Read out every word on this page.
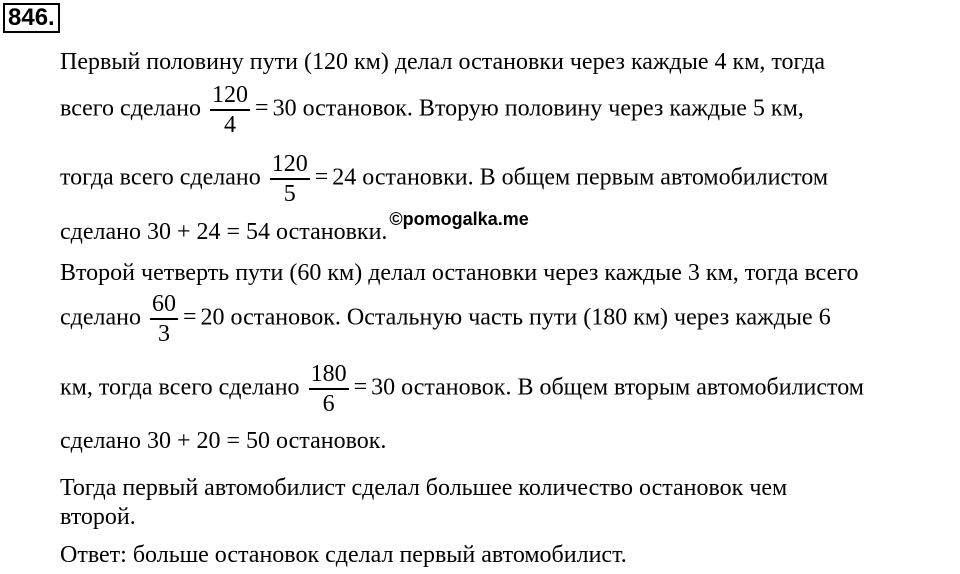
846.
Первый половину пути (120 км) делал остановки через каждые 4 км, тогда
всего сделано $\frac{120}{4} = 30$ остановок. Вторую половину через каждые 5 км,
тогда всего сделано $\frac{120}{5} = 24$ остановки. В общем первым автомобилистом
сделано 30 + 24 = 54 остановки. ©pomogalka.me
Второй четверть пути (60 км) делал остановки через каждые 3 км, тогда всего
сделано $\frac{60}{3} = 20$ остановок. Остальную часть пути (180 км) через каждые 6
км, тогда всего сделано $\frac{180}{6} = 30$ остановок. В общем вторым автомобилистом
сделано 30 + 20 = 50 остановок.
Тогда первый автомобилист сделал большее количество остановок чем
второй.
Ответ: больше остановок сделал первый автомобилист.
